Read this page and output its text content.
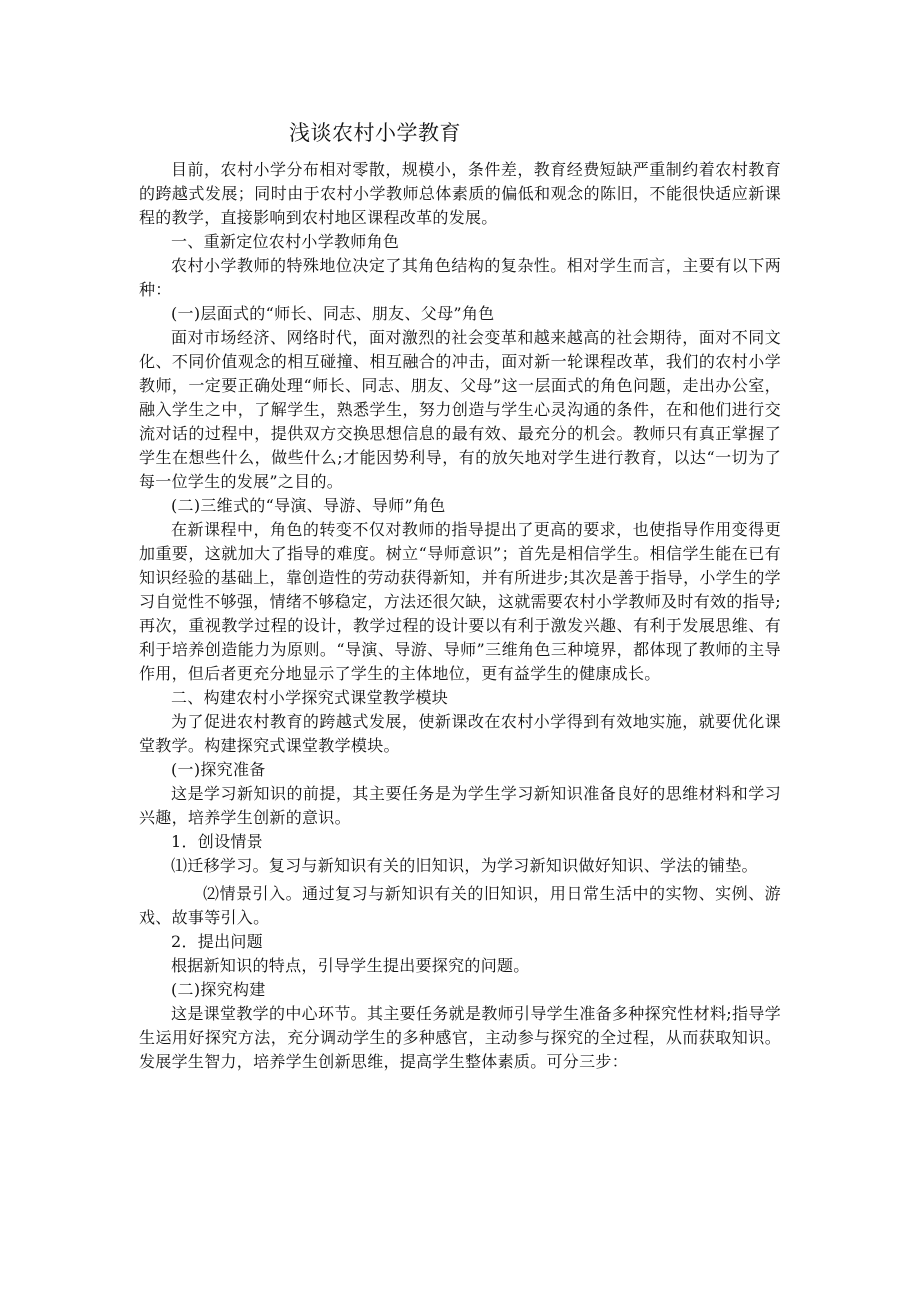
浅谈农村小学教育

目前，农村小学分布相对零散，规模小，条件差，教育经费短缺严重制约着农村教育的跨越式发展；同时由于农村小学教师总体素质的偏低和观念的陈旧，不能很快适应新课程的教学，直接影响到农村地区课程改革的发展。

一、重新定位农村小学教师角色

农村小学教师的特殊地位决定了其角色结构的复杂性。相对学生而言，主要有以下两种：

(一)层面式的“师长、同志、朋友、父母”角色

面对市场经济、网络时代，面对激烈的社会变革和越来越高的社会期待，面对不同文化、不同价值观念的相互碰撞、相互融合的冲击，面对新一轮课程改革，我们的农村小学教师，一定要正确处理“师长、同志、朋友、父母”这一层面式的角色问题，走出办公室，融入学生之中，了解学生，熟悉学生，努力创造与学生心灵沟通的条件，在和他们进行交流对话的过程中，提供双方交换思想信息的最有效、最充分的机会。教师只有真正掌握了学生在想些什么，做些什么;才能因势利导，有的放矢地对学生进行教育，以达“一切为了每一位学生的发展”之目的。

(二)三维式的“导演、导游、导师”角色

在新课程中，角色的转变不仅对教师的指导提出了更高的要求，也使指导作用变得更加重要，这就加大了指导的难度。树立“导师意识”；首先是相信学生。相信学生能在已有知识经验的基础上，靠创造性的劳动获得新知，并有所进步;其次是善于指导，小学生的学习自觉性不够强，情绪不够稳定，方法还很欠缺，这就需要农村小学教师及时有效的指导;再次，重视教学过程的设计，教学过程的设计要以有利于激发兴趣、有利于发展思维、有利于培养创造能力为原则。“导演、导游、导师”三维角色三种境界，都体现了教师的主导作用，但后者更充分地显示了学生的主体地位，更有益学生的健康成长。

二、构建农村小学探究式课堂教学模块

为了促进农村教育的跨越式发展，使新课改在农村小学得到有效地实施，就要优化课堂教学。构建探究式课堂教学模块。

(一)探究准备

这是学习新知识的前提，其主要任务是为学生学习新知识准备良好的思维材料和学习兴趣，培养学生创新的意识。

1．创设情景

⑴迁移学习。复习与新知识有关的旧知识，为学习新知识做好知识、学法的铺垫。

⑵情景引入。通过复习与新知识有关的旧知识，用日常生活中的实物、实例、游戏、故事等引入。

2．提出问题

根据新知识的特点，引导学生提出要探究的问题。

(二)探究构建

这是课堂教学的中心环节。其主要任务就是教师引导学生准备多种探究性材料;指导学生运用好探究方法，充分调动学生的多种感官，主动参与探究的全过程，从而获取知识。发展学生智力，培养学生创新思维，提高学生整体素质。可分三步：
